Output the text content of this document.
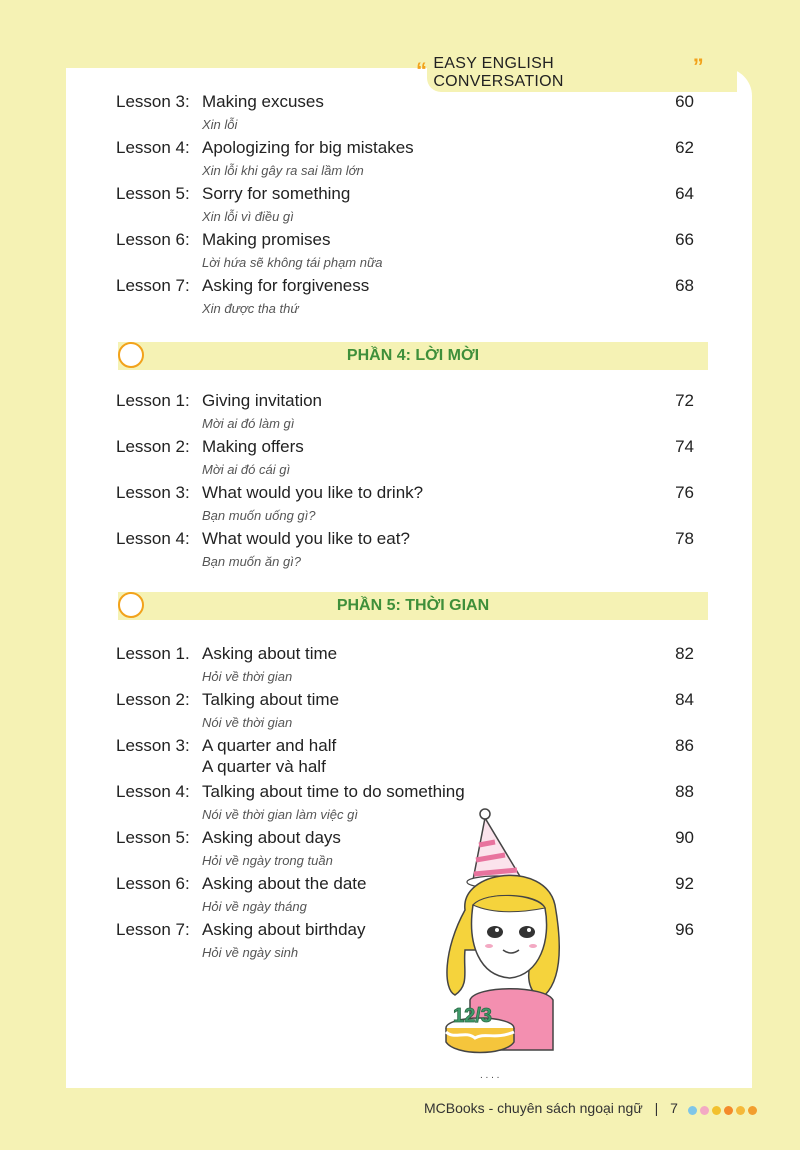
“ EASY ENGLISH CONVERSATION
”
Lesson 3: Making excuses	60
Xin lỗi
Lesson 4: Apologizing for big mistakes	62
Xin lỗi khi gây ra sai lầm lớn
Lesson 5: Sorry for something	64
Xin lỗi vì điều gì
Lesson 6: Making promises	66
Lời hứa sẽ không tái phạm nữa
Lesson 7: Asking for forgiveness	68
Xin được tha thứ
PHẦN 4: LỜI MỜI
Lesson 1: Giving invitation	72
Mời ai đó làm gì
Lesson 2: Making offers	74
Mời ai đó cái gì
Lesson 3: What would you like to drink?	76
Bạn muốn uống gì?
Lesson 4: What would you like to eat?	78
Bạn muốn ăn gì?
PHẦN 5: THỜI GIAN
Lesson 1. Asking about time	82
Hỏi về thời gian
Lesson 2: Talking about time	84
Nói về thời gian
Lesson 3: A quarter and half	86
A quarter và half
Lesson 4: Talking about time to do something	88
Nói về thời gian làm việc gì
Lesson 5: Asking about days	90
Hỏi về ngày trong tuần
Lesson 6: Asking about the date	92
Hỏi về ngày tháng
Lesson 7: Asking about birthday	96
Hỏi về ngày sinh
12/3
. . . .
MCBooks - chuyên sách ngoại ngữ | 7
